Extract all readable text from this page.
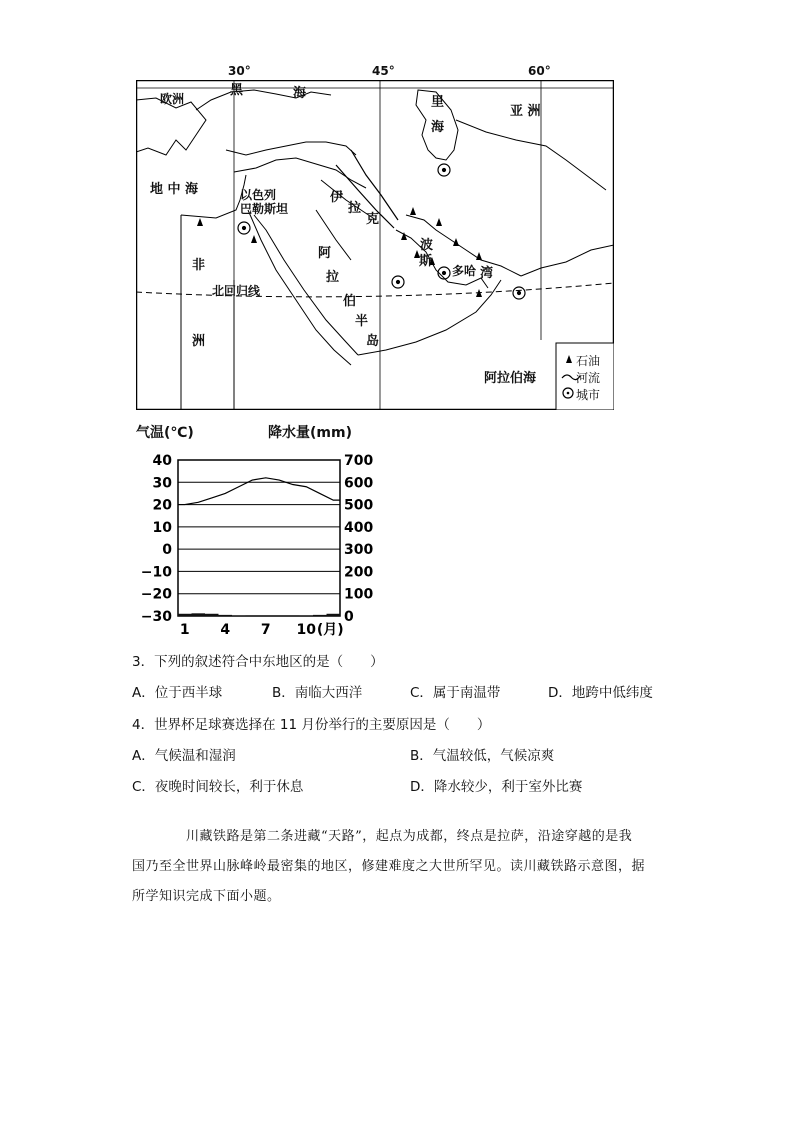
30°	45°	60°
欧洲
黑	海
里
海
亚 洲
地 中 海	以色列
巴勒斯坦
伊
拉
克
阿
拉
伯
半
岛
非
洲
波
斯
多哈 湾
北回归线
阿拉伯海
石油
河流
城市
气温(℃)	降水量(mm)
40	700
30	600
20	500
10	400
0	300
−10	200
−20	100
−30	0
1 4 7 10 (月)
3．下列的叙述符合中东地区的是（　　）
A．位于西半球	B．南临大西洋	C．属于南温带	D．地跨中低纬度
4．世界杯足球赛选择在 11 月份举行的主要原因是（　　）
A．气候温和湿润	B．气温较低，气候凉爽
C．夜晚时间较长，利于休息	D．降水较少，利于室外比赛
川藏铁路是第二条进藏“天路”，起点为成都，终点是拉萨，沿途穿越的是我
国乃至全世界山脉峰岭最密集的地区，修建难度之大世所罕见。读川藏铁路示意图，据
所学知识完成下面小题。
